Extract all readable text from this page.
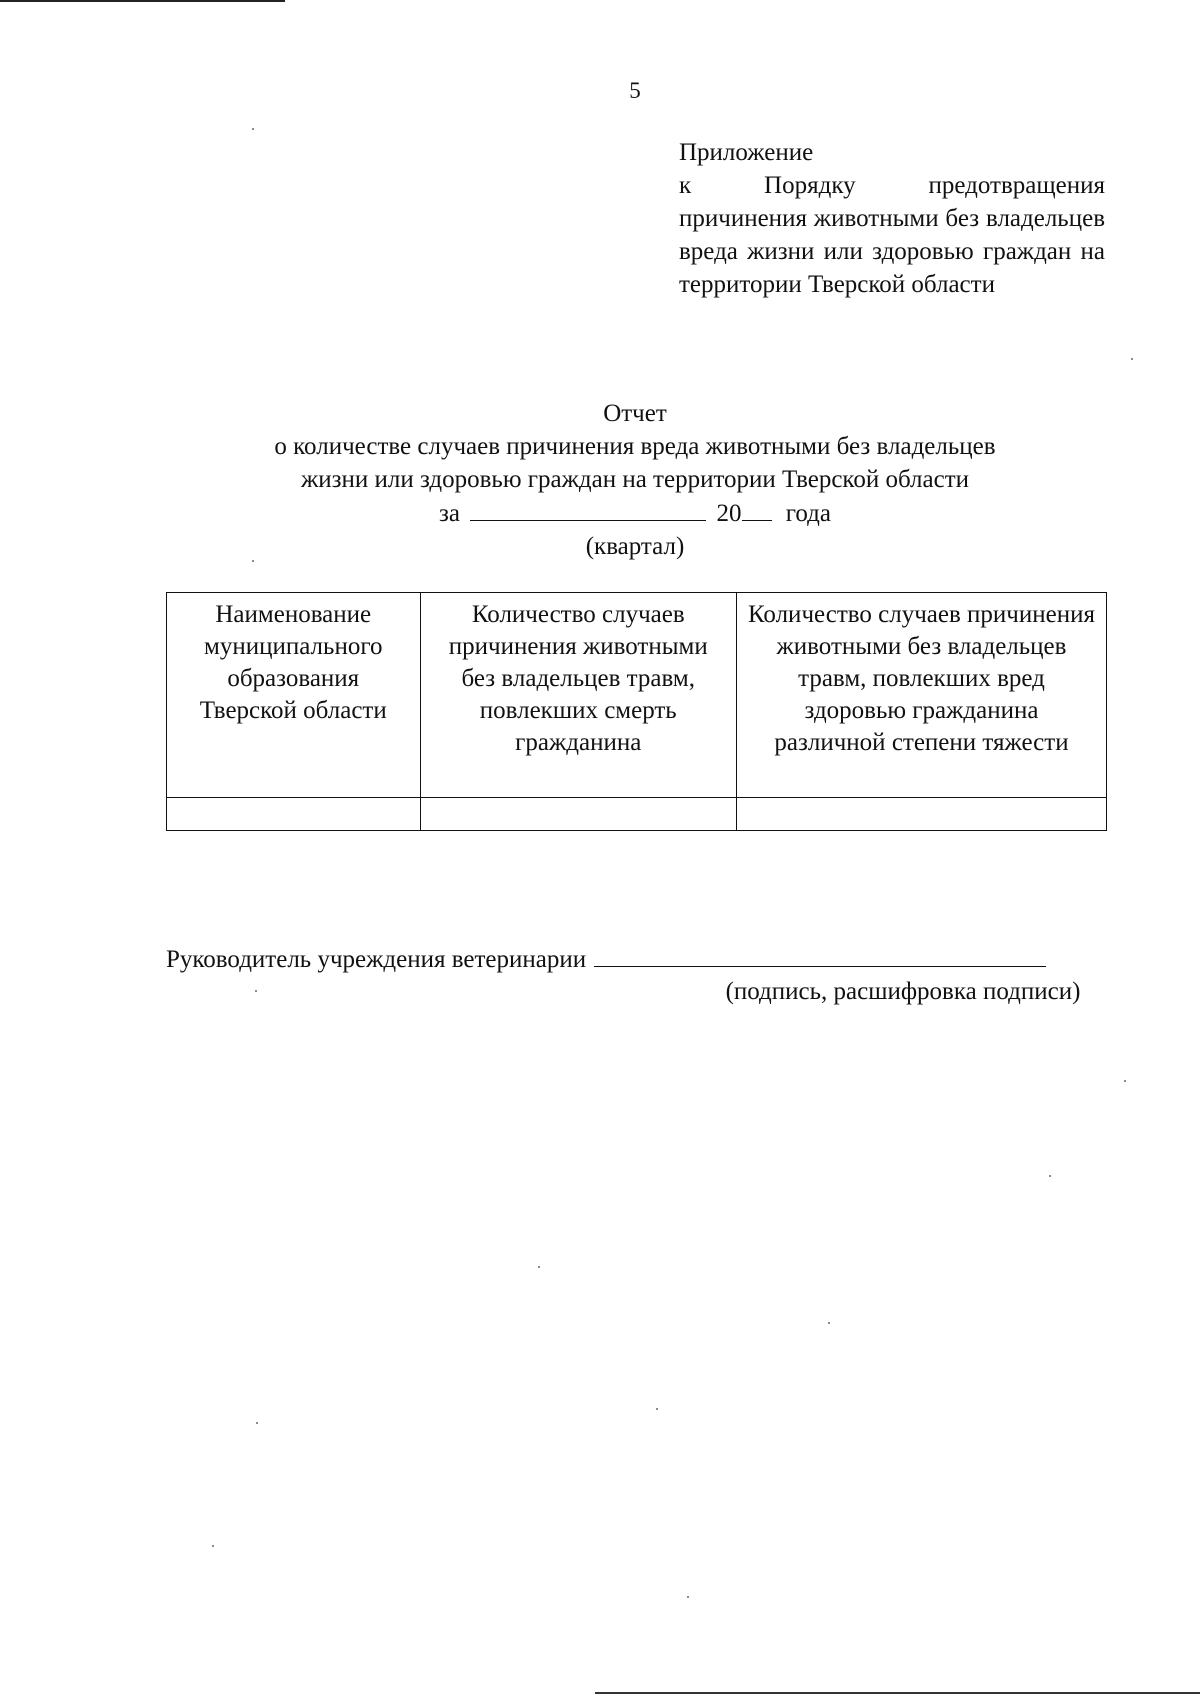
5
Приложение
к Порядку предотвращения причинения животными без владельцев вреда жизни или здоровью граждан на территории Тверской области
Отчет
о количестве случаев причинения вреда животными без владельцев
жизни или здоровью граждан на территории Тверской области
за	20 года
(квартал)
Наименование муниципального образования Тверской области	Количество случаев причинения животными без владельцев травм, повлекших смерть гражданина	Количество случаев причинения животными без владельцев травм, повлекших вред здоровью гражданина различной степени тяжести

Руководитель учреждения ветеринарии
(подпись, расшифровка подписи)
